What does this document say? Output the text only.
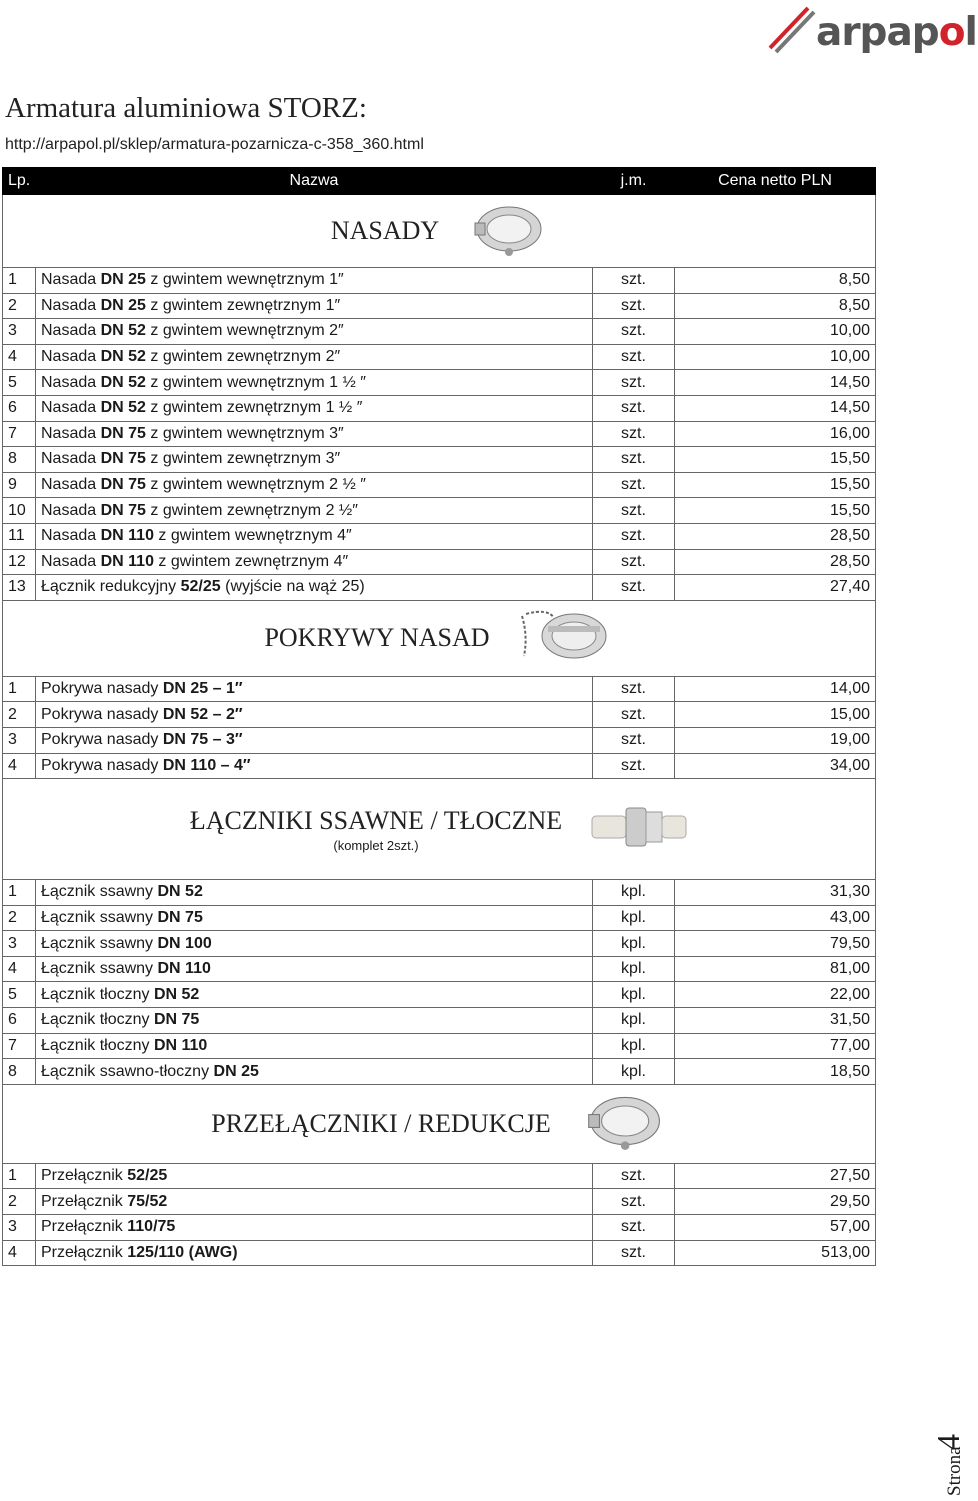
arpapol
Armatura aluminiowa STORZ:
http://arpapol.pl/sklep/armatura-pozarnicza-c-358_360.html
Lp.	Nazwa	j.m.	Cena netto PLN
NASADY			
1	Nasada DN 25 z gwintem wewnętrznym 1″	szt.	8,50
2	Nasada DN 25 z gwintem zewnętrznym 1″	szt.	8,50
3	Nasada DN 52 z gwintem wewnętrznym 2″	szt.	10,00
4	Nasada DN 52 z gwintem zewnętrznym 2″	szt.	10,00
5	Nasada DN 52 z gwintem wewnętrznym 1 ½ ″	szt.	14,50
6	Nasada DN 52 z gwintem zewnętrznym 1 ½ ″	szt.	14,50
7	Nasada DN 75 z gwintem wewnętrznym 3″	szt.	16,00
8	Nasada DN 75 z gwintem zewnętrznym 3″	szt.	15,50
9	Nasada DN 75 z gwintem wewnętrznym 2 ½ ″	szt.	15,50
10	Nasada DN 75 z gwintem zewnętrznym 2 ½″	szt.	15,50
11	Nasada DN 110 z gwintem wewnętrznym 4″	szt.	28,50
12	Nasada DN 110 z gwintem zewnętrznym 4″	szt.	28,50
13	Łącznik redukcyjny 52/25 (wyjście na wąż 25)	szt.	27,40
POKRYWY NASAD			
1	Pokrywa nasady DN 25 – 1″	szt.	14,00
2	Pokrywa nasady DN 52 – 2″	szt.	15,00
3	Pokrywa nasady DN 75 – 3″	szt.	19,00
4	Pokrywa nasady DN 110 – 4″	szt.	34,00
ŁĄCZNIKI SSAWNE / TŁOCZNE
(komplet 2szt.)			

1	Łącznik ssawny DN 52	kpl.	31,30
2	Łącznik ssawny DN 75	kpl.	43,00
3	Łącznik ssawny DN 100	kpl.	79,50
4	Łącznik ssawny DN 110	kpl.	81,00
5	Łącznik tłoczny DN 52	kpl.	22,00
6	Łącznik tłoczny DN 75	kpl.	31,50
7	Łącznik tłoczny DN 110	kpl.	77,00
8	Łącznik ssawno-tłoczny DN 25	kpl.	18,50
PRZEŁĄCZNIKI / REDUKCJE			
1	Przełącznik 52/25	szt.	27,50
2	Przełącznik 75/52	szt.	29,50
3	Przełącznik 110/75	szt.	57,00
4	Przełącznik 125/110 (AWG)	szt.	513,00
Strona
4
